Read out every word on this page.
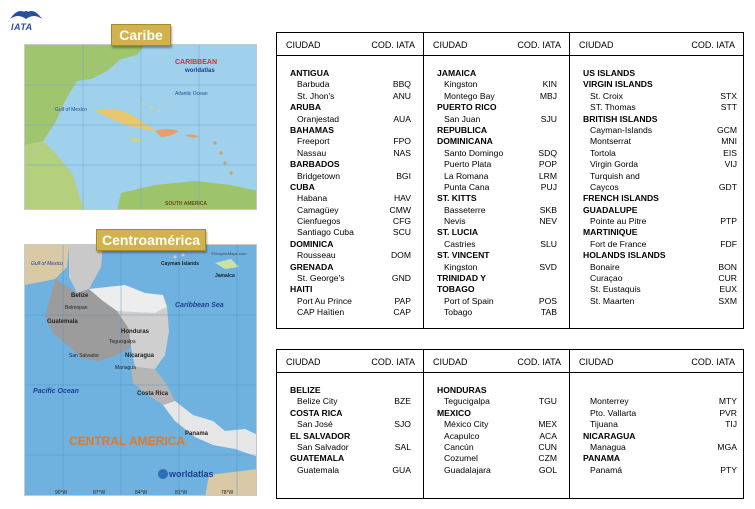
IATA
CARIBBEAN
worldatlas
SOUTH AMERICA
Gulf of Mexico
Atlantic Ocean
Caribe
Caribbean Sea
Pacific Ocean
CENTRAL AMERICA
worldatlas
Honduras
Nicaragua
Belize
Guatemala
Costa Rica
Panama
San Salvador
Managua
Tegucigalpa
Belmopan
Gulf of Mexico
Jamaica
Cayman Islands
©GraphicMaps.com
90°W	87°W	84°W	81°W	78°W
Centroamérica
CIUDAD	COD. IATA
ANTIGUA
Barbuda	BBQ
St. Jhon's	ANU
ARUBA
Oranjestad	AUA
BAHAMAS
Freeport	FPO
Nassau	NAS
BARBADOS
Bridgetown	BGI
CUBA
Habana	HAV
Camagüey	CMW
Cienfuegos	CFG
Santiago Cuba	SCU
DOMINICA
Rousseau	DOM
GRENADA
St. George's	GND
HAITI
Port Au Prince	PAP
CAP Haïtien	CAP
CIUDAD	COD. IATA
JAMAICA
Kingston	KIN
Montego Bay	MBJ
PUERTO RICO
San Juan	SJU
REPUBLICA
DOMINICANA
Santo Domingo	SDQ
Puerto Plata	POP
La Romana	LRM
Punta Cana	PUJ
ST. KITTS
Basseterre	SKB
Nevis	NEV
ST. LUCIA
Castries	SLU
ST. VINCENT
Kingston	SVD
TRINIDAD Y
TOBAGO
Port of Spain	POS
Tobago	TAB
CIUDAD	COD. IATA
US ISLANDS
VIRGIN ISLANDS
St. Croix	STX
ST. Thomas	STT
BRITISH ISLANDS
Cayman-Islands	GCM
Montserrat	MNI
Tortola	EIS
Virgin Gorda	VIJ
Turquish and
Caycos	GDT
FRENCH ISLANDS
GUADALUPE
Pointe au Pitre	PTP
MARTINIQUE
Fort de France	FDF
HOLANDS ISLANDS
Bonaire	BON
Curaçao	CUR
St. Eustaquis	EUX
St. Maarten	SXM
CIUDAD	COD. IATA
BELIZE
Belize City	BZE
COSTA RICA
San José	SJO
EL SALVADOR
San Salvador	SAL
GUATEMALA
Guatemala	GUA
CIUDAD	COD. IATA
HONDURAS
Tegucigalpa	TGU
MEXICO
México City	MEX
Acapulco	ACA
Cancún	CUN
Cozumel	CZM
Guadalajara	GOL
CIUDAD	COD. IATA
Monterrey	MTY
Pto. Vallarta	PVR
Tijuana	TIJ
NICARAGUA
Managua	MGA
PANAMA
Panamá	PTY
